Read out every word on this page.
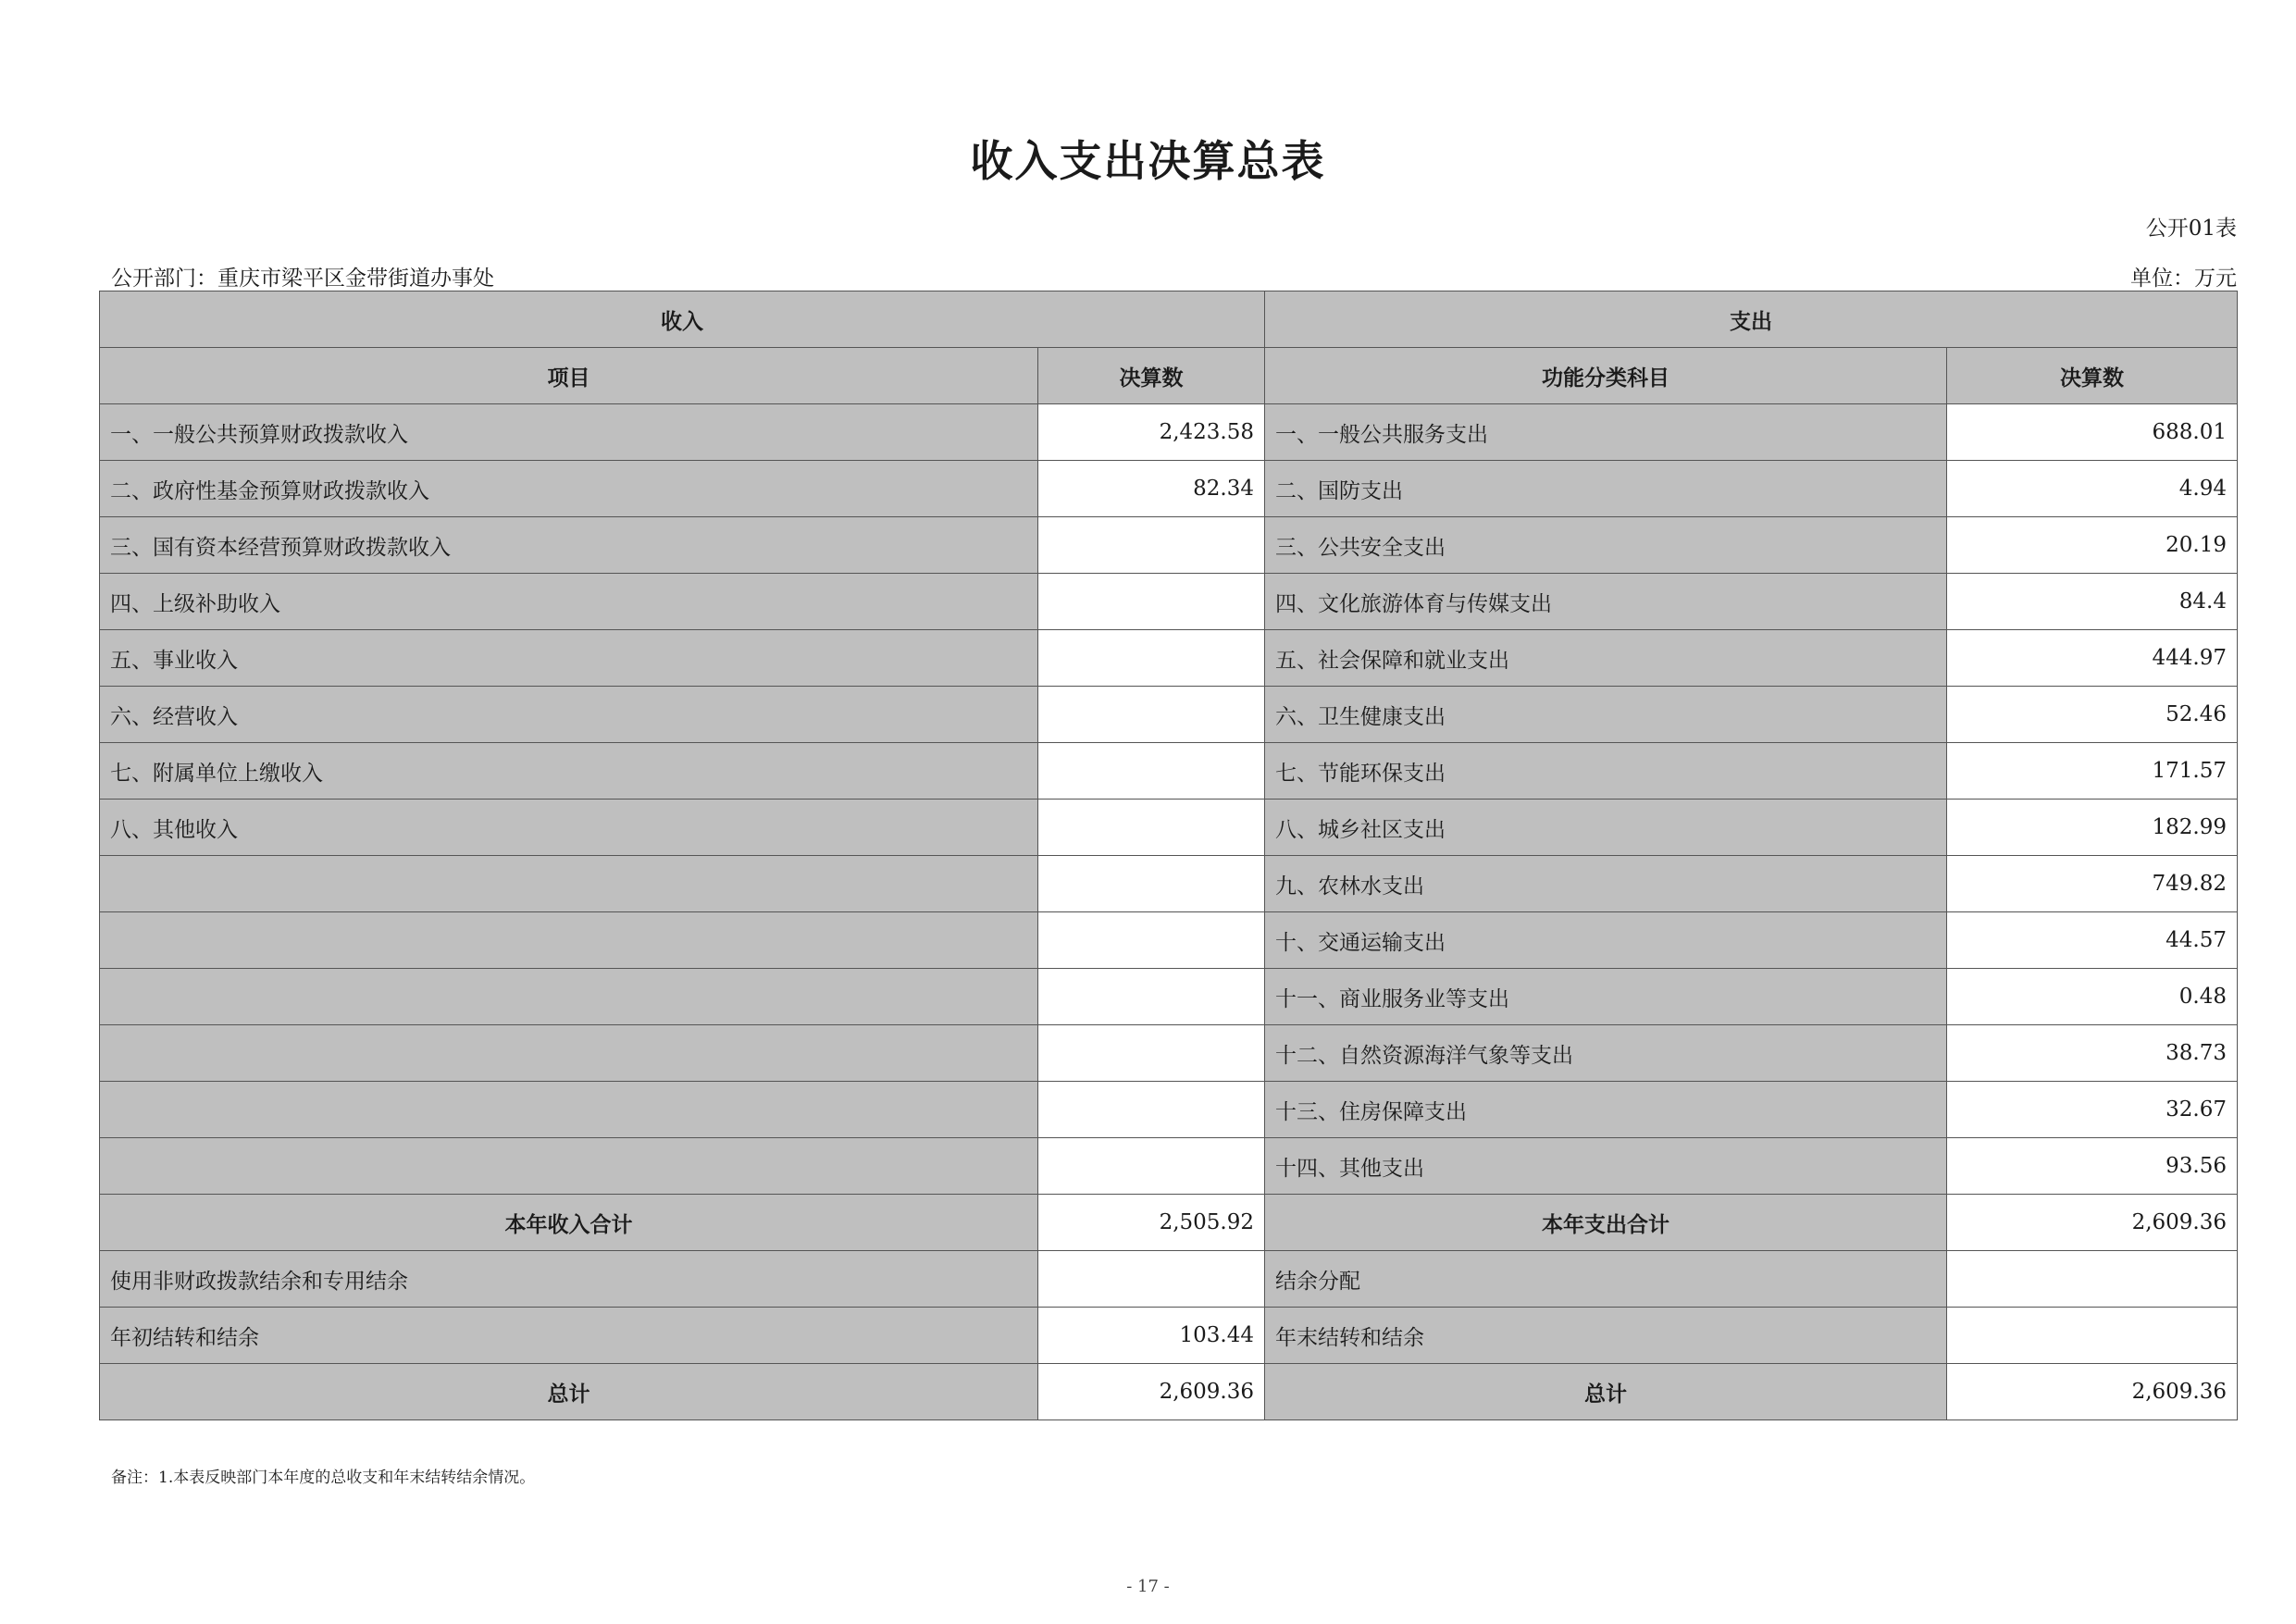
收入支出决算总表
公开01表
公开部门：重庆市梁平区金带街道办事处	单位：万元
收入		支出	
项目	决算数	功能分类科目	决算数
一、一般公共预算财政拨款收入	2,423.58	一、一般公共服务支出	688.01
二、政府性基金预算财政拨款收入	82.34	二、国防支出	4.94
三、国有资本经营预算财政拨款收入		三、公共安全支出	20.19
四、上级补助收入		四、文化旅游体育与传媒支出	84.4
五、事业收入		五、社会保障和就业支出	444.97
六、经营收入		六、卫生健康支出	52.46
七、附属单位上缴收入		七、节能环保支出	171.57
八、其他收入		八、城乡社区支出	182.99
		九、农林水支出	749.82
		十、交通运输支出	44.57
		十一、商业服务业等支出	0.48
		十二、自然资源海洋气象等支出	38.73
		十三、住房保障支出	32.67
		十四、其他支出	93.56
本年收入合计	2,505.92	本年支出合计	2,609.36
使用非财政拨款结余和专用结余		结余分配	
年初结转和结余	103.44	年末结转和结余	
总计	2,609.36	总计	2,609.36
备注：1.本表反映部门本年度的总收支和年末结转结余情况。
- 17 -
